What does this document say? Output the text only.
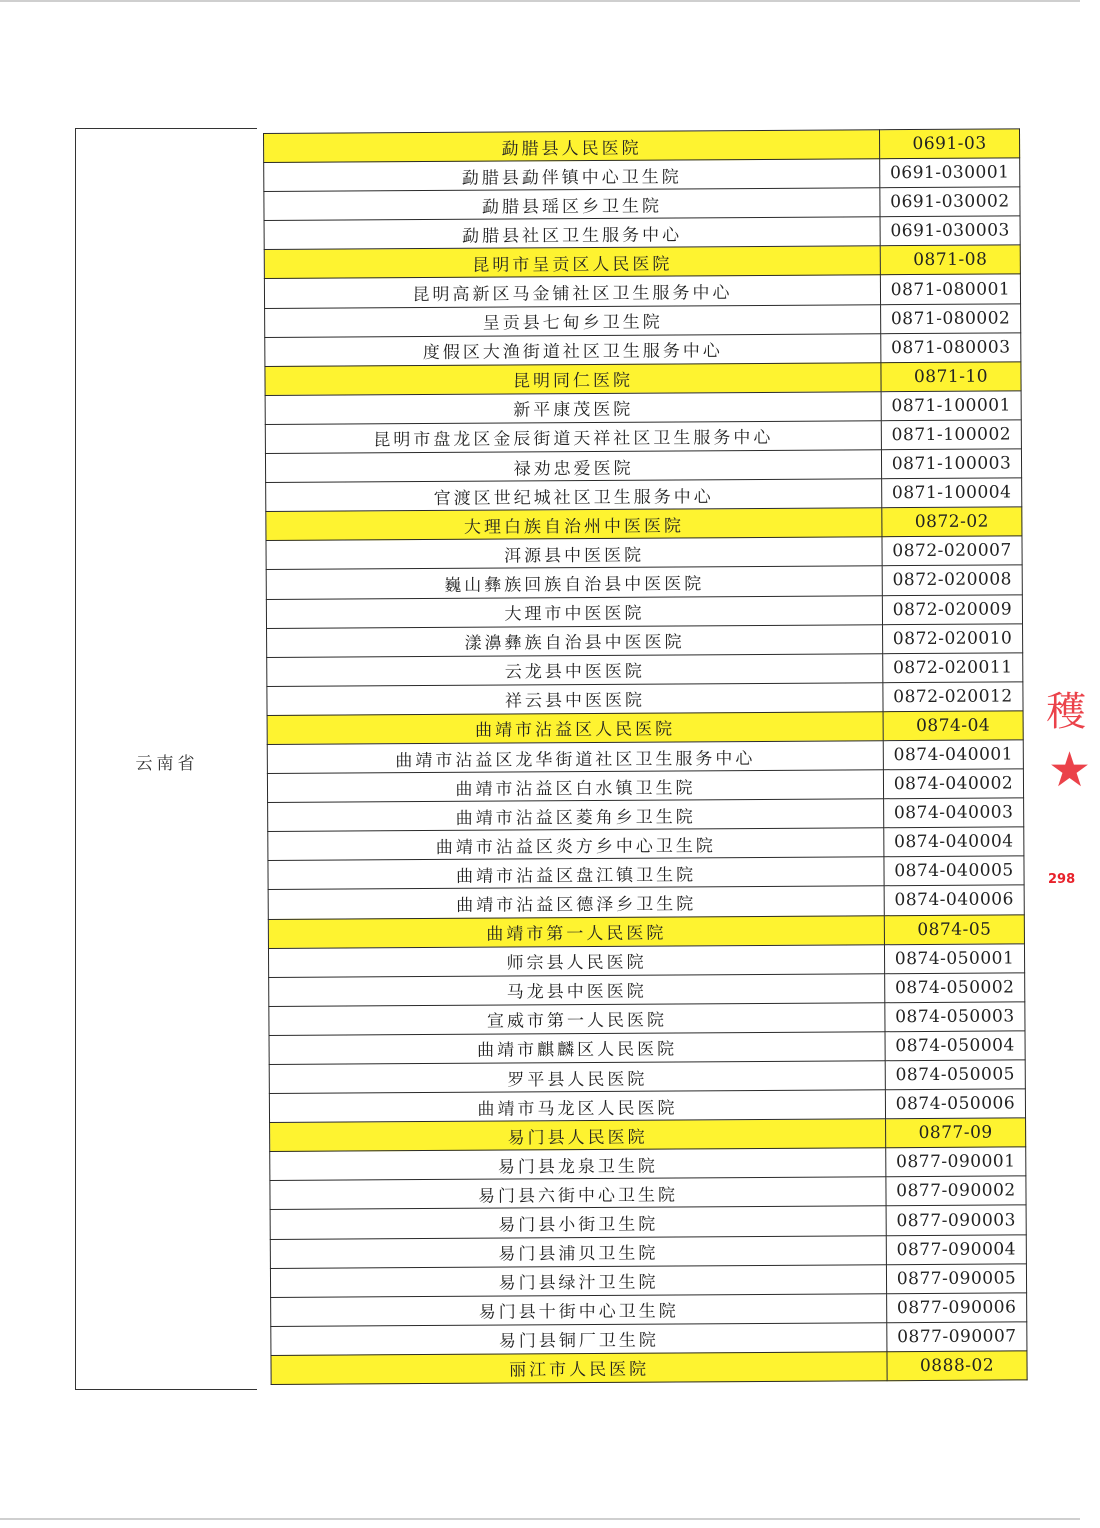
云南省
勐腊县人民医院	0691-03
勐腊县勐伴镇中心卫生院	0691-030001
勐腊县瑶区乡卫生院	0691-030002
勐腊县社区卫生服务中心	0691-030003
昆明市呈贡区人民医院	0871-08
昆明高新区马金铺社区卫生服务中心	0871-080001
呈贡县七甸乡卫生院	0871-080002
度假区大渔街道社区卫生服务中心	0871-080003
昆明同仁医院	0871-10
新平康茂医院	0871-100001
昆明市盘龙区金辰街道天祥社区卫生服务中心	0871-100002
禄劝忠爱医院	0871-100003
官渡区世纪城社区卫生服务中心	0871-100004
大理白族自治州中医医院	0872-02
洱源县中医医院	0872-020007
巍山彝族回族自治县中医医院	0872-020008
大理市中医医院	0872-020009
漾濞彝族自治县中医医院	0872-020010
云龙县中医医院	0872-020011
祥云县中医医院	0872-020012
曲靖市沾益区人民医院	0874-04
曲靖市沾益区龙华街道社区卫生服务中心	0874-040001
曲靖市沾益区白水镇卫生院	0874-040002
曲靖市沾益区菱角乡卫生院	0874-040003
曲靖市沾益区炎方乡中心卫生院	0874-040004
曲靖市沾益区盘江镇卫生院	0874-040005
曲靖市沾益区德泽乡卫生院	0874-040006
曲靖市第一人民医院	0874-05
师宗县人民医院	0874-050001
马龙县中医医院	0874-050002
宣威市第一人民医院	0874-050003
曲靖市麒麟区人民医院	0874-050004
罗平县人民医院	0874-050005
曲靖市马龙区人民医院	0874-050006
易门县人民医院	0877-09
易门县龙泉卫生院	0877-090001
易门县六街中心卫生院	0877-090002
易门县小街卫生院	0877-090003
易门县浦贝卫生院	0877-090004
易门县绿汁卫生院	0877-090005
易门县十街中心卫生院	0877-090006
易门县铜厂卫生院	0877-090007
丽江市人民医院	0888-02
穫
★
298
